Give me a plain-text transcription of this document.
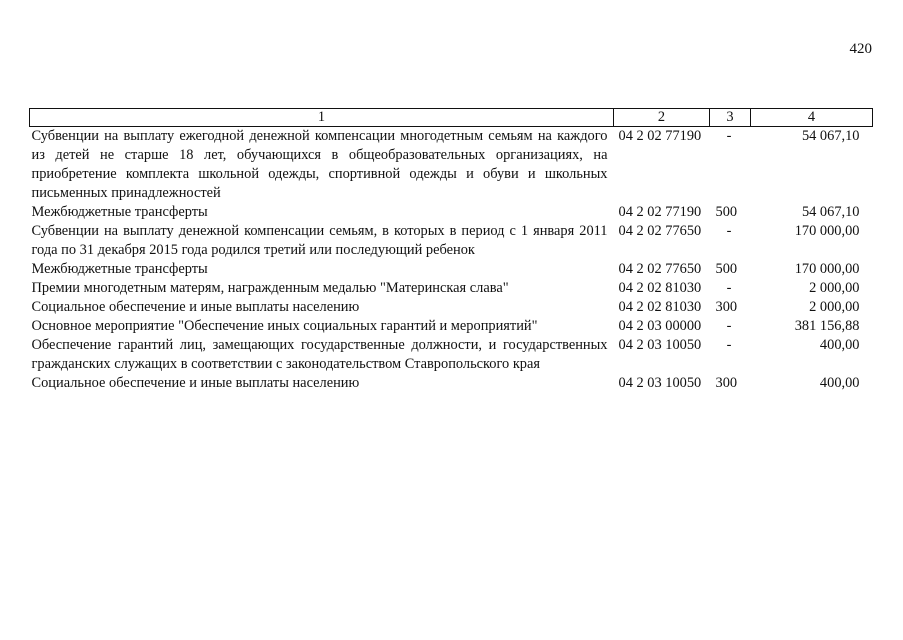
420
1	2	3	4
Субвенции на выплату ежегодной денежной компенсации многодетным семьям на каждого из детей не старше 18 лет, обучающихся в общеобразовательных организациях, на приобретение комплекта школьной одежды, спортивной одежды и обуви и школьных письменных принадлежностей	04 2 02 77190	-	54 067,10
Межбюджетные трансферты	04 2 02 77190	500	54 067,10
Субвенции на выплату денежной компенсации семьям, в которых в период с 1 января 2011 года по 31 декабря 2015 года родился третий или последующий ребенок	04 2 02 77650	-	170 000,00
Межбюджетные трансферты	04 2 02 77650	500	170 000,00
Премии многодетным матерям, награжденным медалью "Материнская слава"	04 2 02 81030	-	2 000,00
Социальное обеспечение и иные выплаты населению	04 2 02 81030	300	2 000,00
Основное мероприятие "Обеспечение иных социальных гарантий и мероприятий"	04 2 03 00000	-	381 156,88
Обеспечение гарантий лиц, замещающих государственные должности, и государственных гражданских служащих в соответствии с законодательством Ставропольского края	04 2 03 10050	-	400,00
Социальное обеспечение и иные выплаты населению	04 2 03 10050	300	400,00
